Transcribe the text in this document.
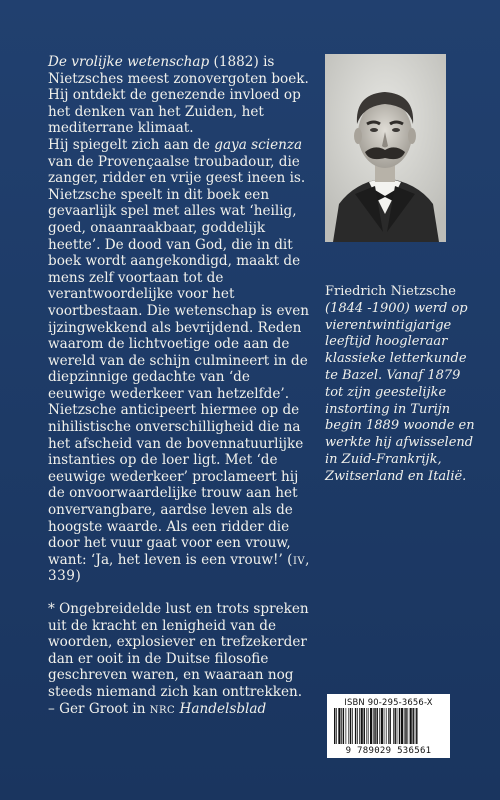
De vrolijke wetenschap (1882) is Nietzsches meest zonovergoten boek. Hij ontdekt de genezende invloed op het denken van het Zuiden, het mediterrane klimaat.

Hij spiegelt zich aan de gaya scienza van de Provençaalse troubadour, die zanger, ridder en vrije geest ineen is. Nietzsche speelt in dit boek een gevaarlijk spel met alles wat ‘heilig, goed, onaanraakbaar, goddelijk heette’. De dood van God, die in dit boek wordt aangekondigd, maakt de mens zelf voortaan tot de verantwoordelijke voor het voortbestaan. Die wetenschap is even ijzingwekkend als bevrijdend. Reden waarom de lichtvoetige ode aan de wereld van de schijn culmineert in de diepzinnige gedachte van ‘de eeuwige wederkeer van hetzelfde’. Nietzsche anticipeert hiermee op de nihilistische onverschilligheid die na het afscheid van de bovennatuurlijke instanties op de loer ligt. Met ‘de eeuwige wederkeer’ proclameert hij de onvoorwaardelijke trouw aan het onvervangbare, aardse leven als de hoogste waarde. Als een ridder die door het vuur gaat voor een vrouw, want: ‘Ja, het leven is een vrouw!’ (iv, 339)

* Ongebreidelde lust en trots spreken uit de kracht en lenigheid van de woorden, explosiever en trefzekerder dan er ooit in de Duitse filosofie geschreven waren, en waaraan nog steeds niemand zich kan onttrekken. – Ger Groot in nrc Handelsblad

Friedrich Nietzsche (1844 -1900) werd op vierentwintigjarige leeftijd hoogleraar klassieke letterkunde te Bazel. Vanaf 1879 tot zijn geestelijke instorting in Turijn begin 1889 woonde en werkte hij afwisselend in Zuid-Frankrijk, Zwitserland en Italië.
ISBN 90-295-3656-X
9 789029 536561
